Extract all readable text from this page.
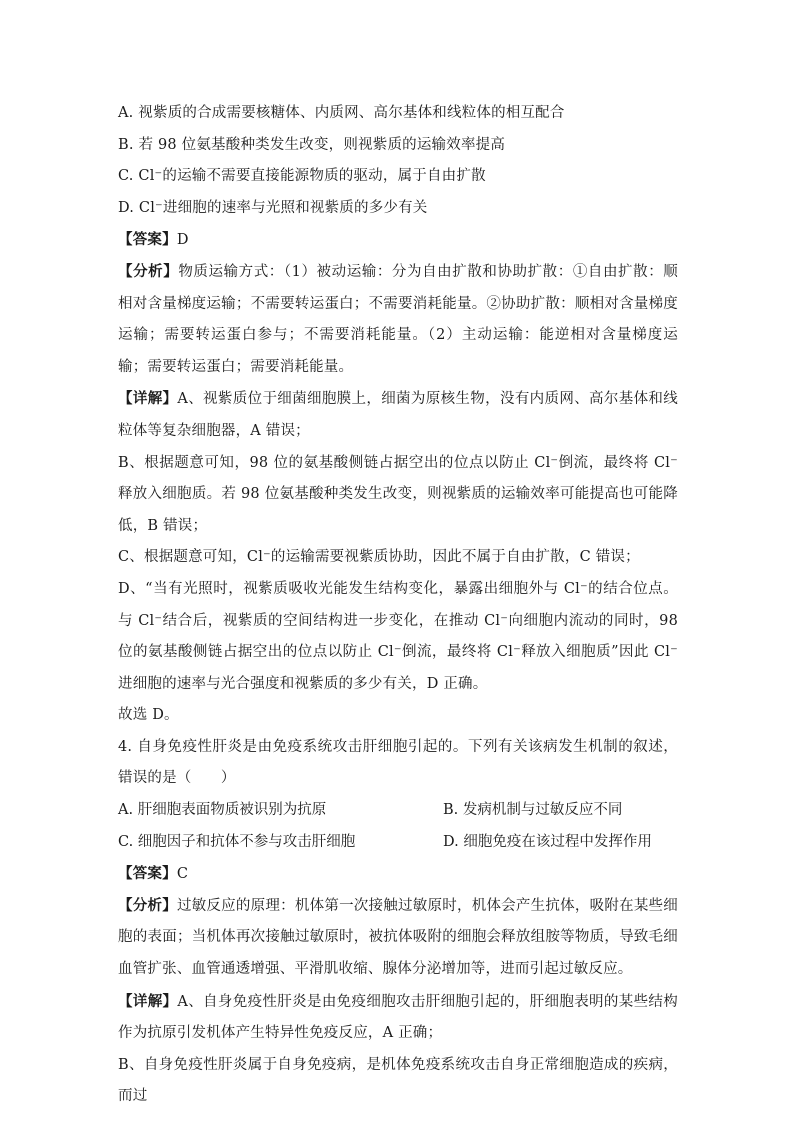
A. 视紫质的合成需要核糖体、内质网、高尔基体和线粒体的相互配合
B. 若 98 位氨基酸种类发生改变，则视紫质的运输效率提高
C. Cl⁻的运输不需要直接能源物质的驱动，属于自由扩散
D. Cl⁻进细胞的速率与光照和视紫质的多少有关
【答案】D
【分析】物质运输方式：（1）被动运输：分为自由扩散和协助扩散：①自由扩散：顺相对含量梯度运输；不需要转运蛋白；不需要消耗能量。②协助扩散：顺相对含量梯度运输；需要转运蛋白参与；不需要消耗能量。（2）主动运输：能逆相对含量梯度运输；需要转运蛋白；需要消耗能量。
【详解】A、视紫质位于细菌细胞膜上，细菌为原核生物，没有内质网、高尔基体和线粒体等复杂细胞器，A 错误；
B、根据题意可知，98 位的氨基酸侧链占据空出的位点以防止 Cl⁻倒流，最终将 Cl⁻释放入细胞质。若 98 位氨基酸种类发生改变，则视紫质的运输效率可能提高也可能降低，B 错误；
C、根据题意可知，Cl⁻的运输需要视紫质协助，因此不属于自由扩散，C 错误；
D、“当有光照时，视紫质吸收光能发生结构变化，暴露出细胞外与 Cl⁻的结合位点。与 Cl⁻结合后，视紫质的空间结构进一步变化，在推动 Cl⁻向细胞内流动的同时，98 位的氨基酸侧链占据空出的位点以防止 Cl⁻倒流，最终将 Cl⁻释放入细胞质”因此 Cl⁻进细胞的速率与光合强度和视紫质的多少有关，D 正确。
故选 D。
4. 自身免疫性肝炎是由免疫系统攻击肝细胞引起的。下列有关该病发生机制的叙述，错误的是（　　）
A. 肝细胞表面物质被识别为抗原	B. 发病机制与过敏反应不同
C. 细胞因子和抗体不参与攻击肝细胞	D. 细胞免疫在该过程中发挥作用
【答案】C
【分析】过敏反应的原理：机体第一次接触过敏原时，机体会产生抗体，吸附在某些细胞的表面；当机体再次接触过敏原时，被抗体吸附的细胞会释放组胺等物质，导致毛细血管扩张、血管通透增强、平滑肌收缩、腺体分泌增加等，进而引起过敏反应。
【详解】A、自身免疫性肝炎是由免疫细胞攻击肝细胞引起的，肝细胞表明的某些结构作为抗原引发机体产生特异性免疫反应，A 正确；
B、自身免疫性肝炎属于自身免疫病，是机体免疫系统攻击自身正常细胞造成的疾病，而过
